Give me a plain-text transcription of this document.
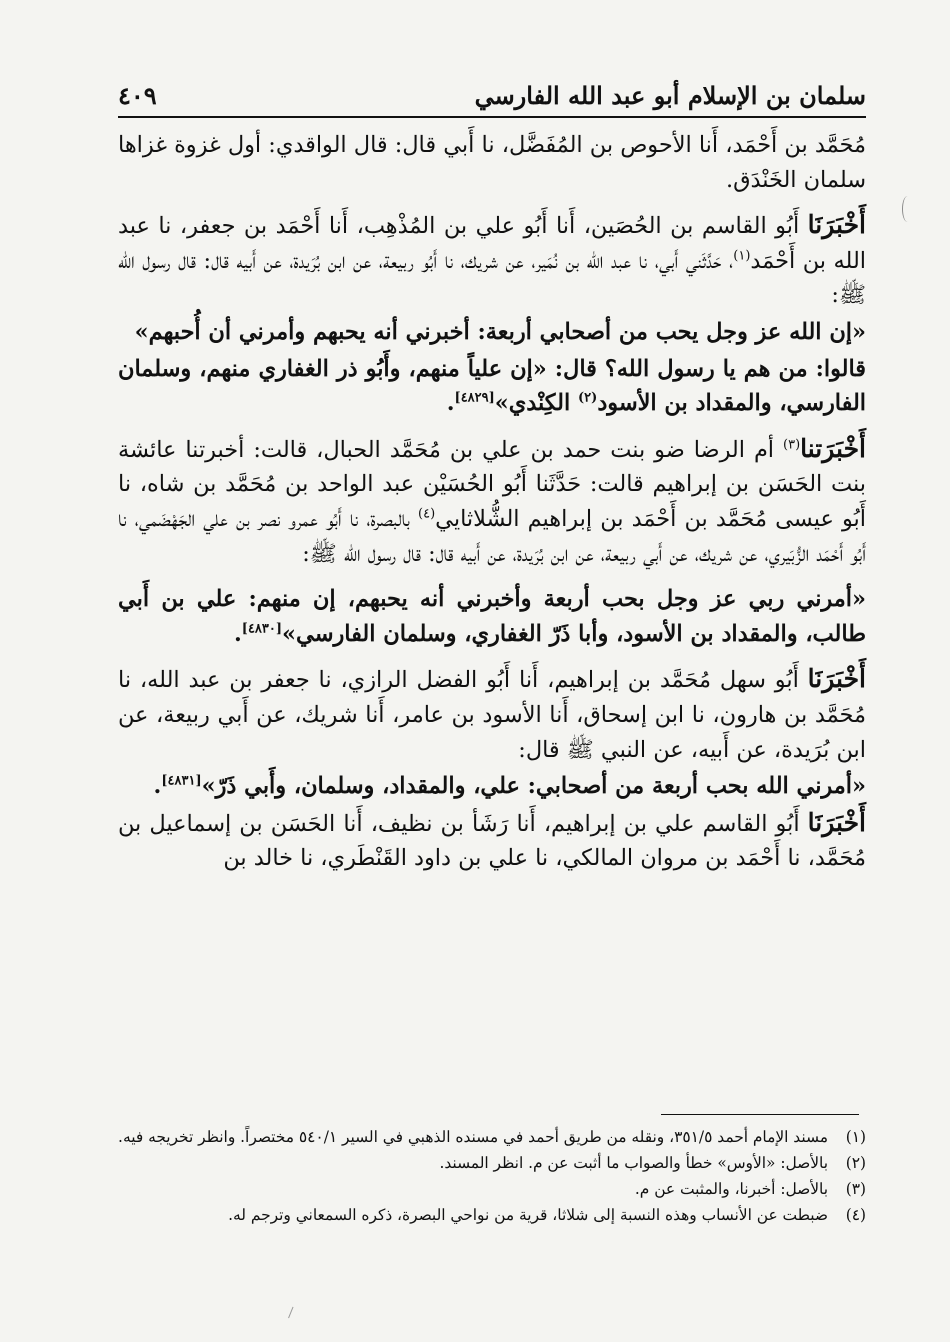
سلمان بن الإسلام أبو عبد الله الفارسي
٤٠٩

مُحَمَّد بن أَحْمَد، أَنا الأحوص بن المُفَضَّل، نا أَبي قال: قال الواقدي: أول غزوة غزاها سلمان الخَنْدَق.

أَخْبَرَنَا أَبُو القاسم بن الحُصَين، أَنا أَبُو علي بن المُذْهِب، أَنا أَحْمَد بن جعفر، نا عبد الله بن أَحْمَد$^{(١)}$، حَدَّثَني أَبي، نا عبد الله بن نُمَير، عن شريك، نا أَبُو ربيعة، عن ابن بُرَيدة، عن أَبيه قال: قال رسول الله ﷺ:

«إن الله عز وجل يحب من أصحابي أربعة: أخبرني أنه يحبهم وأمرني أن أُحبهم»

قالوا: من هم يا رسول الله؟ قال: «إن علياً منهم، وأَبُو ذر الغفاري منهم، وسلمان الفارسي، والمقداد بن الأسود$^{(٢)}$ الكِنْدي»[٤٨٢٩].

أَخْبَرَتنا$^{(٣)}$ أم الرضا ضو بنت حمد بن علي بن مُحَمَّد الحبال، قالت: أخبرتنا عائشة بنت الحَسَن بن إبراهيم قالت: حَدَّثَنا أَبُو الحُسَيْن عبد الواحد بن مُحَمَّد بن شاه، نا أَبُو عيسى مُحَمَّد بن أَحْمَد بن إبراهيم الشُّلاثايي$^{(٤)}$ بالبصرة، نا أَبُو عمرو نصر بن علي الجَهْضَمي، نا أَبُو أَحْمَد الزُّبَيري، عن شريك، عن أَبي ربيعة، عن ابن بُرَيدة، عن أَبيه قال: قال رسول الله ﷺ:

«أمرني ربي عز وجل بحب أربعة وأخبرني أنه يحبهم، إن منهم: علي بن أَبي طالب، والمقداد بن الأسود، وأبا ذَرّ الغفاري، وسلمان الفارسي»[٤٨٣٠].

أَخْبَرَنَا أَبُو سهل مُحَمَّد بن إبراهيم، أَنا أَبُو الفضل الرازي، نا جعفر بن عبد الله، نا مُحَمَّد بن هارون، نا ابن إسحاق، أَنا الأسود بن عامر، أَنا شريك، عن أَبي ربيعة، عن ابن بُرَيدة، عن أَبيه، عن النبي ﷺ قال:

«أمرني الله بحب أربعة من أصحابي: علي، والمقداد، وسلمان، وأَبي ذَرّ»[٤٨٣١].

أَخْبَرَنَا أَبُو القاسم علي بن إبراهيم، أَنا رَشَأ بن نظيف، أَنا الحَسَن بن إسماعيل بن مُحَمَّد، نا أَحْمَد بن مروان المالكي، نا علي بن داود القَنْطَري، نا خالد بن

(١)
مسند الإمام أحمد ٣٥١/٥، ونقله من طريق أحمد في مسنده الذهبي في السير ٥٤٠/١ مختصراً. وانظر تخريجه فيه.
(٢)
بالأصل: «الأوس» خطأ والصواب ما أثبت عن م. انظر المسند.
(٣)
بالأصل: أخبرنا، والمثبت عن م.
(٤)
ضبطت عن الأنساب وهذه النسبة إلى شلاثا، قرية من نواحي البصرة، ذكره السمعاني وترجم له.
